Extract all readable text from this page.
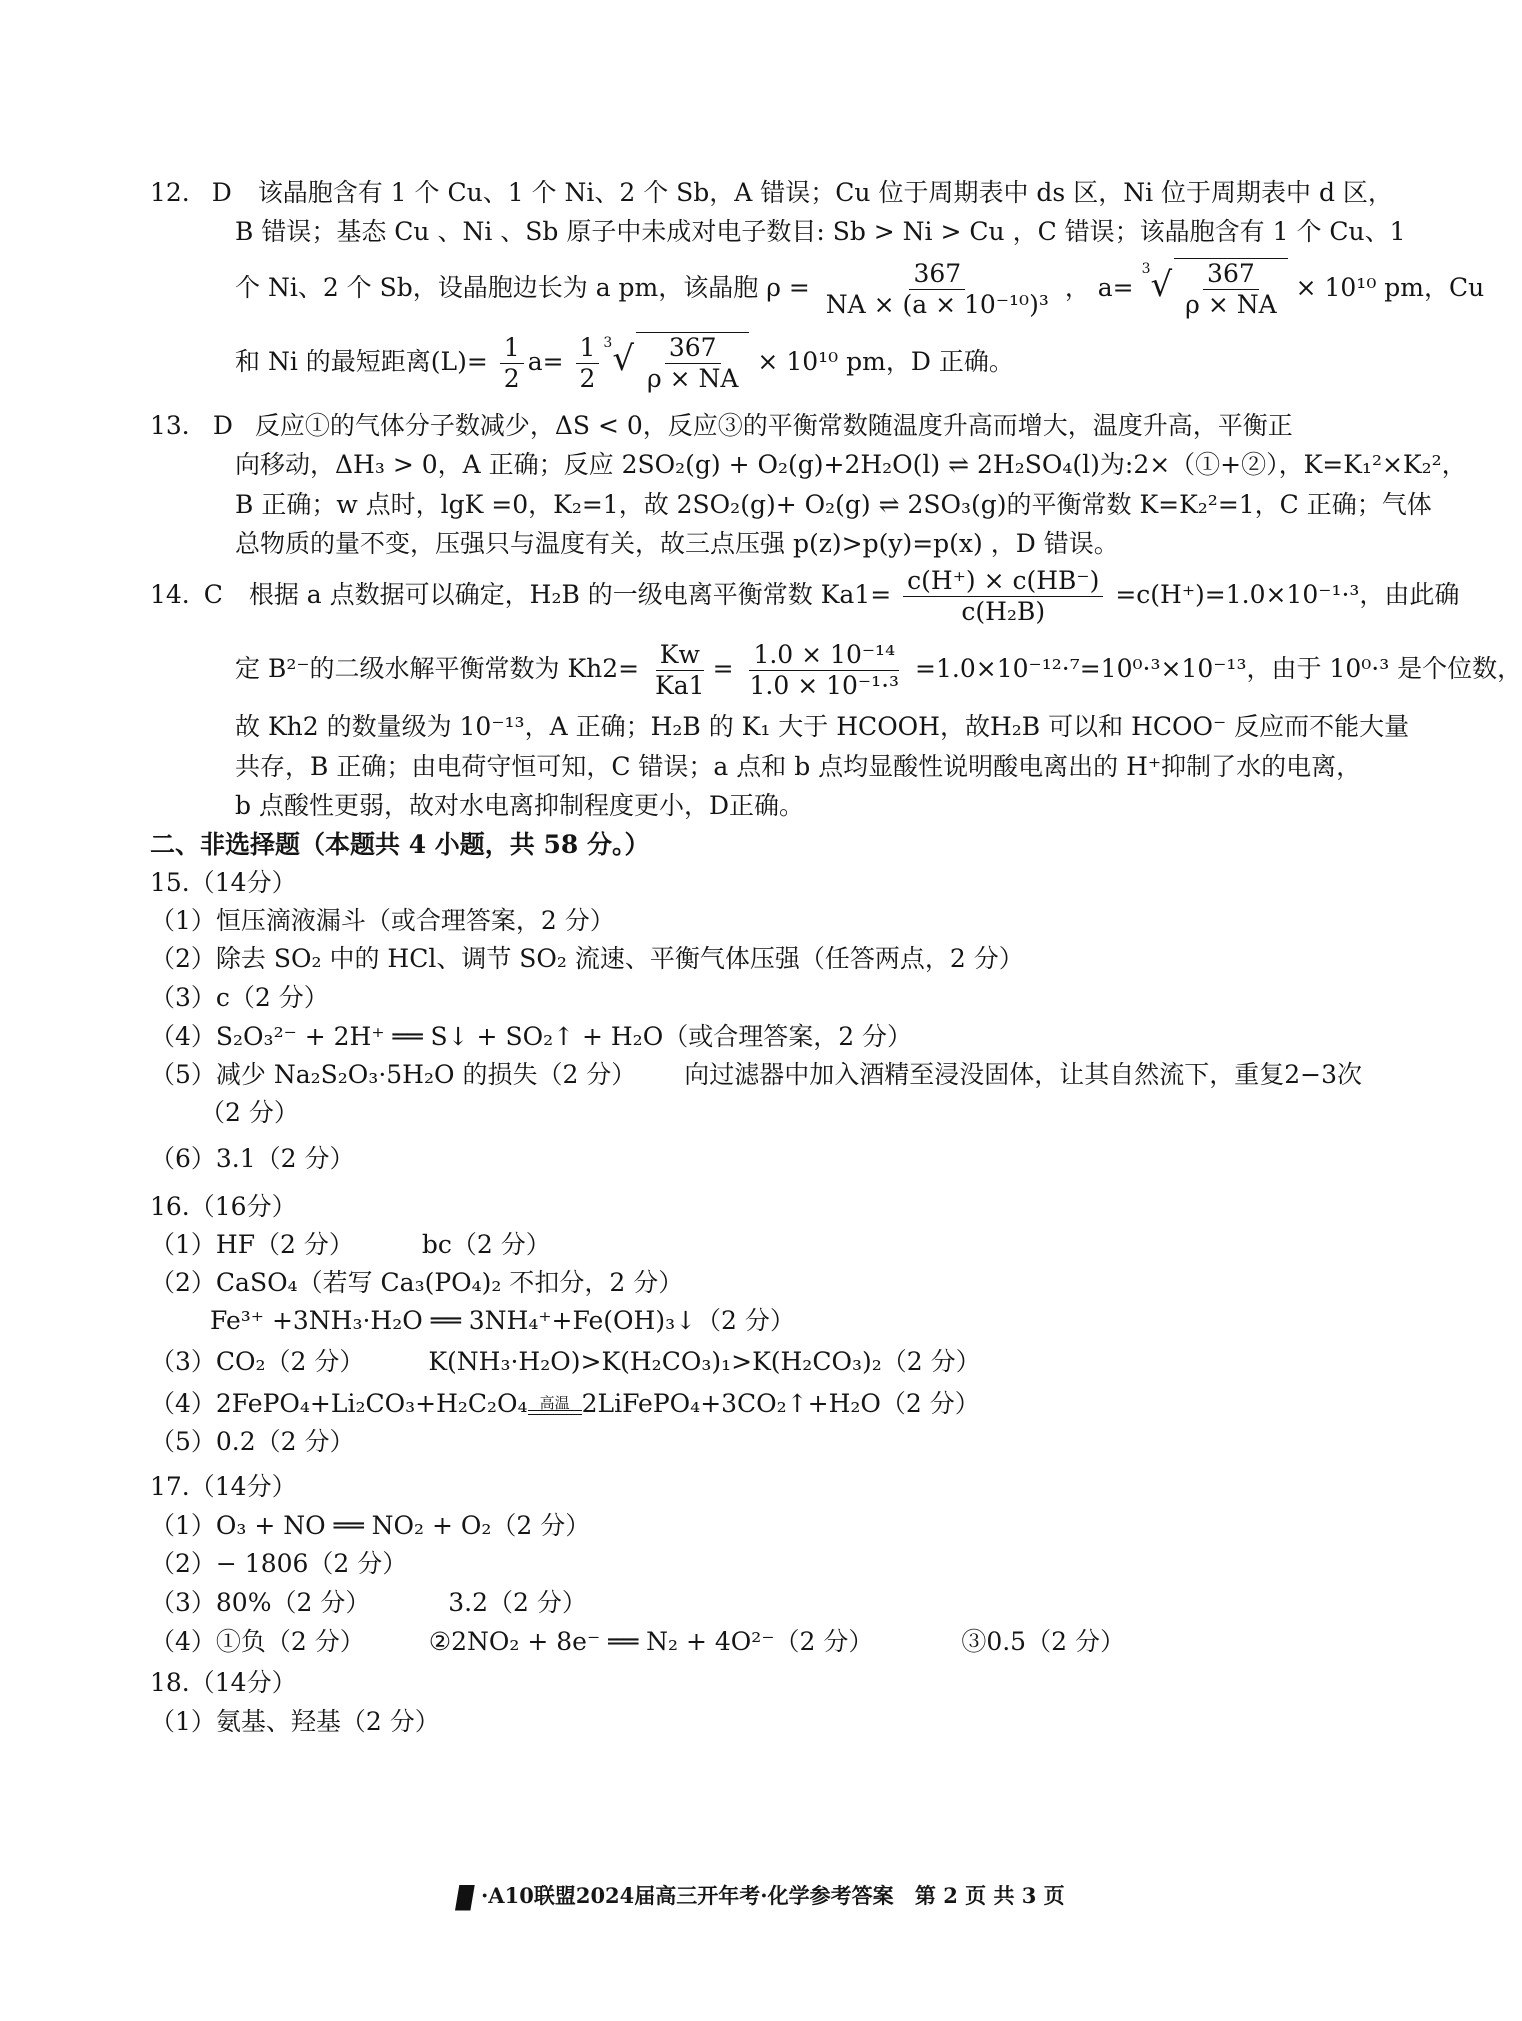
12. D 该晶胞含有 1 个 Cu、1 个 Ni、2 个 Sb，A 错误；Cu 位于周期表中 ds 区，Ni 位于周期表中 d 区，
B 错误；基态 Cu 、Ni 、Sb 原子中未成对电子数目: Sb > Ni > Cu ，C 错误；该晶胞含有 1 个 Cu、1
个 Ni、2 个 Sb，设晶胞边长为 a pm，该晶胞 $\rho = \frac{367}{\text{NA × (a × 10⁻¹⁰)³}}$ ， $a= ^3√ \frac{367}{\rho \times NA} \times 10^{10}$ pm，Cu
和 Ni 的最短距离$(L)= \frac{1}{2} a= \frac{1}{2} ^3√ \frac{367}{\rho \times NA} \times 10^{10}$ pm，D 正确。
13． D 反应①的气体分子数减少，ΔS < 0，反应③的平衡常数随温度升高而增大，温度升高，平衡正
向移动，ΔH₃ > 0，A 正确；反应 2SO₂(g) + O₂(g)+2H₂O(l) ⇌ 2H₂SO₄(l)为:2×（①+②），K=K₁²×K₂²，
B 正确；w 点时，lgK =0，K₂=1，故 2SO₂(g)+ O₂(g) ⇌ 2SO₃(g)的平衡常数 K=K₂²=1，C 正确；气体
总物质的量不变，压强只与温度有关，故三点压强 p(z)>p(y)=p(x) ，D 错误。
14. C 根据 a 点数据可以确定，H₂B 的一级电离平衡常数 $Ka1= \frac{c(H^+) \times c(HB^-)}{\text{c(H₂B)}} =c(H^+)=1.0\times 10^{-1}\cdot^3$，由此确
定 B²⁻的二级水解平衡常数为 $Kh2= \frac{Kw}{Ka1} = \frac{\text{1.0 × 10⁻¹⁴}}{\text{1.0 × 10⁻¹·³}} =1.0\times 10^{-12}\cdot^7=10^0\cdot^3\times 10^{-13}$，由于 10⁰·³ 是个位数，
故 Kh2 的数量级为 10⁻¹³，A 正确；H₂B 的 K₁ 大于 HCOOH，故H₂B 可以和 HCOO⁻ 反应而不能大量
共存，B 正确；由电荷守恒可知，C 错误；a 点和 b 点均显酸性说明酸电离出的 H⁺抑制了水的电离，
b 点酸性更弱，故对水电离抑制程度更小，D正确。
二、非选择题（本题共 4 小题，共 58 分。）
15.（14分）
（1）恒压滴液漏斗（或合理答案，2 分）
（2）除去 SO₂ 中的 HCl、调节 SO₂ 流速、平衡气体压强（任答两点，2 分）
（3）c（2 分）
（4）S₂O₃²⁻ + 2H⁺ ══ S↓ + SO₂↑ + H₂O（或合理答案，2 分）
（5）减少 Na₂S₂O₃·5H₂O 的损失（2 分） 向过滤器中加入酒精至浸没固体，让其自然流下，重复2−3次
（2 分）
（6）3.1（2 分）
16.（16分）
（1）HF（2 分）	bc（2 分）
（2）CaSO₄（若写 Ca₃(PO₄)₂ 不扣分，2 分）
Fe³⁺ +3NH₃·H₂O ══ 3NH₄⁺+Fe(OH)₃↓（2 分）
（3）CO₂（2 分）	K(NH₃·H₂O)>K(H₂CO₃)₁>K(H₂CO₃)₂（2 分）
（4）2FePO₄+Li₂CO₃+H₂C₂O₄ 高温 2LiFePO₄+3CO₂↑+H₂O（2 分）
（5）0.2（2 分）
17.（14分）
（1）O₃ + NO ══ NO₂ + O₂（2 分）
（2）− 1806（2 分）
（3）80%（2 分）	3.2（2 分）
（4）①负（2 分）	②2NO₂ + 8e⁻ ══ N₂ + 4O²⁻（2 分）	③0.5（2 分）
18.（14分）
（1）氨基、羟基（2 分）
·A10联盟2024届高三开年考·化学参考答案 第 2 页 共 3 页
